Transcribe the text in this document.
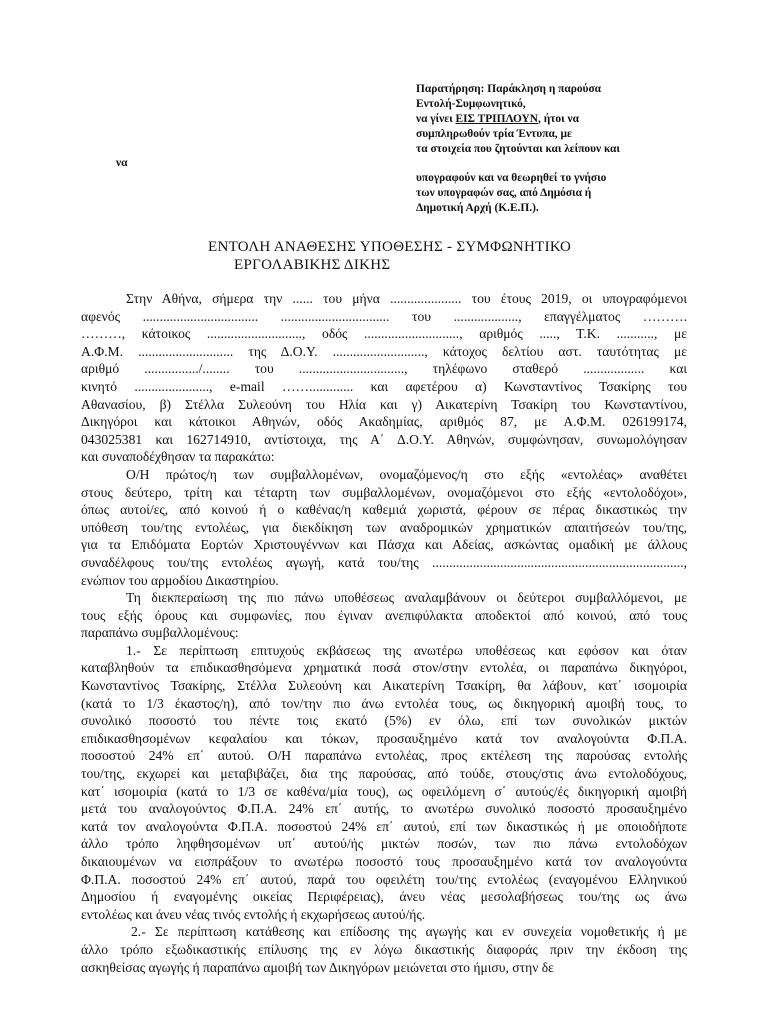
Παρατήρηση: Παράκληση η παρούσα
Εντολή-Συμφωνητικό,
να γίνει ΕΙΣ ΤΡΙΠΛΟΥΝ, ήτοι να
συμπληρωθούν τρία Έντυπα, με
τα στοιχεία που ζητούνται και λείπουν και
υπογραφούν και να θεωρηθεί το γνήσιο
των υπογραφών σας, από Δημόσια ή
Δημοτική Αρχή (Κ.Ε.Π.).
να
ΕΝΤΟΛΗ ΑΝΑΘΕΣΗΣ ΥΠΟΘΕΣΗΣ - ΣΥΜΦΩΝΗΤΙΚΟ
ΕΡΓΟΛΑΒΙΚΗΣ ΔΙΚΗΣ

Στην Αθήνα, σήμερα την ...... του μήνα ..................... του έτους 2019, οι υπογραφόμενοι
αφενός .................................. ................................ του ..................., επαγγέλματος ……….
………, κάτοικος ............................, οδός ............................, αριθμός ....., Τ.Κ. ..........., με
Α.Φ.Μ. ............................ της Δ.Ο.Υ. ..........................., κάτοχος δελτίου αστ. ταυτότητας με
αριθμό ................/........ του ..............................., τηλέφωνο σταθερό .................. και
κινητό ......................, e-mail ……............. και αφετέρου α) Κωνσταντίνος Τσακίρης του
Αθανασίου, β) Στέλλα Συλεούνη του Ηλία και γ) Αικατερίνη Τσακίρη του Κωνσταντίνου,
Δικηγόροι και κάτοικοι Αθηνών, οδός Ακαδημίας, αριθμός 87, με Α.Φ.Μ. 026199174,
043025381 και 162714910, αντίστοιχα, της Α΄ Δ.Ο.Υ. Αθηνών, συμφώνησαν, συνωμολόγησαν
και συναποδέχθησαν τα παρακάτω:

Ο/Η πρώτος/η των συμβαλλομένων, ονομαζόμενος/η στο εξής «εντολέας» αναθέτει
στους δεύτερο, τρίτη και τέταρτη των συμβαλλομένων, ονομαζόμενοι στο εξής «εντολοδόχοι»,
όπως αυτοί/ες, από κοινού ή ο καθένας/η καθεμιά χωριστά, φέρουν σε πέρας δικαστικώς την
υπόθεση του/της εντολέως, για διεκδίκηση των αναδρομικών χρηματικών απαιτήσεών του/της,
για τα Επιδόματα Εορτών Χριστουγέννων και Πάσχα και Αδείας, ασκώντας ομαδική με άλλους
συναδέλφους του/της εντολέως αγωγή, κατά του/της ..........................................................................,
ενώπιον του αρμοδίου Δικαστηρίου.

Τη διεκπεραίωση της πιο πάνω υποθέσεως αναλαμβάνουν οι δεύτεροι συμβαλλόμενοι, με
τους εξής όρους και συμφωνίες, που έγιναν ανεπιφύλακτα αποδεκτοί από κοινού, από τους
παραπάνω συμβαλλομένους:

1.- Σε περίπτωση επιτυχούς εκβάσεως της ανωτέρω υποθέσεως και εφόσον και όταν
καταβληθούν τα επιδικασθησόμενα χρηματικά ποσά στον/στην εντολέα, οι παραπάνω δικηγόροι,
Κωνσταντίνος Τσακίρης, Στέλλα Συλεούνη και Αικατερίνη Τσακίρη, θα λάβουν, κατ΄ ισομοιρία
(κατά το 1/3 έκαστος/η), από τον/την πιο άνω εντολέα τους, ως δικηγορική αμοιβή τους, το
συνολικό ποσοστό του πέντε τοις εκατό (5%) εν όλω, επί των συνολικών μικτών
επιδικασθησομένων κεφαλαίου και τόκων, προσαυξημένο κατά τον αναλογούντα Φ.Π.Α.
ποσοστού 24% επ΄ αυτού. Ο/Η παραπάνω εντολέας, προς εκτέλεση της παρούσας εντολής
του/της, εκχωρεί και μεταβιβάζει, δια της παρούσας, από τούδε, στους/στις άνω εντολοδόχους,
κατ΄ ισομοιρία (κατά το 1/3 σε καθένα/μία τους), ως οφειλόμενη σ΄ αυτούς/ές δικηγορική αμοιβή
μετά του αναλογούντος Φ.Π.Α. 24% επ΄ αυτής, το ανωτέρω συνολικό ποσοστό προσαυξημένο
κατά τον αναλογούντα Φ.Π.Α. ποσοστού 24% επ΄ αυτού, επί των δικαστικώς ή με οποιοδήποτε
άλλο τρόπο ληφθησομένων υπ΄ αυτού/ής μικτών ποσών, των πιο πάνω εντολοδόχων
δικαιουμένων να εισπράξουν το ανωτέρω ποσοστό τους προσαυξημένο κατά τον αναλογούντα
Φ.Π.Α. ποσοστού 24% επ΄ αυτού, παρά του οφειλέτη του/της εντολέως (εναγομένου Ελληνικού
Δημοσίου ή εναγομένης οικείας Περιφέρειας), άνευ νέας μεσολαβήσεως του/της ως άνω
εντολέως και άνευ νέας τινός εντολής ή εκχωρήσεως αυτού/ής.

2.- Σε περίπτωση κατάθεσης και επίδοσης της αγωγής και εν συνεχεία νομοθετικής ή με
άλλο τρόπο εξωδικαστικής επίλυσης της εν λόγω δικαστικής διαφοράς πριν την έκδοση της
ασκηθείσας αγωγής ή παραπάνω αμοιβή των Δικηγόρων μειώνεται στο ήμισυ, στην δε
